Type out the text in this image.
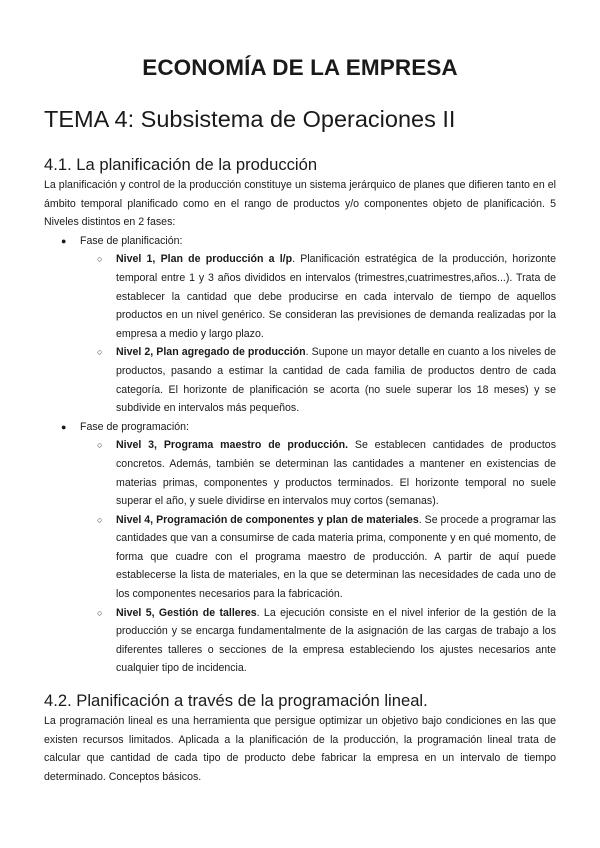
ECONOMÍA DE LA EMPRESA
TEMA 4: Subsistema de Operaciones II
4.1. La planificación de la producción

La planificación y control de la producción constituye un sistema jerárquico de planes que difieren tanto en el ámbito temporal planificado como en el rango de productos y/o componentes objeto de planificación. 5 Niveles distintos en 2 fases:

● Fase de planificación:
○ Nivel 1, Plan de producción a l/p. Planificación estratégica de la producción, horizonte temporal entre 1 y 3 años divididos en intervalos (trimestres,cuatrimestres,años...). Trata de establecer la cantidad que debe producirse en cada intervalo de tiempo de aquellos productos en un nivel genérico. Se consideran las previsiones de demanda realizadas por la empresa a medio y largo plazo.
○ Nivel 2, Plan agregado de producción. Supone un mayor detalle en cuanto a los niveles de productos, pasando a estimar la cantidad de cada familia de productos dentro de cada categoría. El horizonte de planificación se acorta (no suele superar los 18 meses) y se subdivide en intervalos más pequeños.
● Fase de programación:
○ Nivel 3, Programa maestro de producción. Se establecen cantidades de productos concretos. Además, también se determinan las cantidades a mantener en existencias de materias primas, componentes y productos terminados. El horizonte temporal no suele superar el año, y suele dividirse en intervalos muy cortos (semanas).
○ Nivel 4, Programación de componentes y plan de materiales. Se procede a programar las cantidades que van a consumirse de cada materia prima, componente y en qué momento, de forma que cuadre con el programa maestro de producción. A partir de aquí puede establecerse la lista de materiales, en la que se determinan las necesidades de cada uno de los componentes necesarios para la fabricación.
○ Nivel 5, Gestión de talleres. La ejecución consiste en el nivel inferior de la gestión de la producción y se encarga fundamentalmente de la asignación de las cargas de trabajo a los diferentes talleres o secciones de la empresa estableciendo los ajustes necesarios ante cualquier tipo de incidencia.
4.2. Planificación a través de la programación lineal.

La programación lineal es una herramienta que persigue optimizar un objetivo bajo condiciones en las que existen recursos limitados. Aplicada a la planificación de la producción, la programación lineal trata de calcular que cantidad de cada tipo de producto debe fabricar la empresa en un intervalo de tiempo determinado. Conceptos básicos.
